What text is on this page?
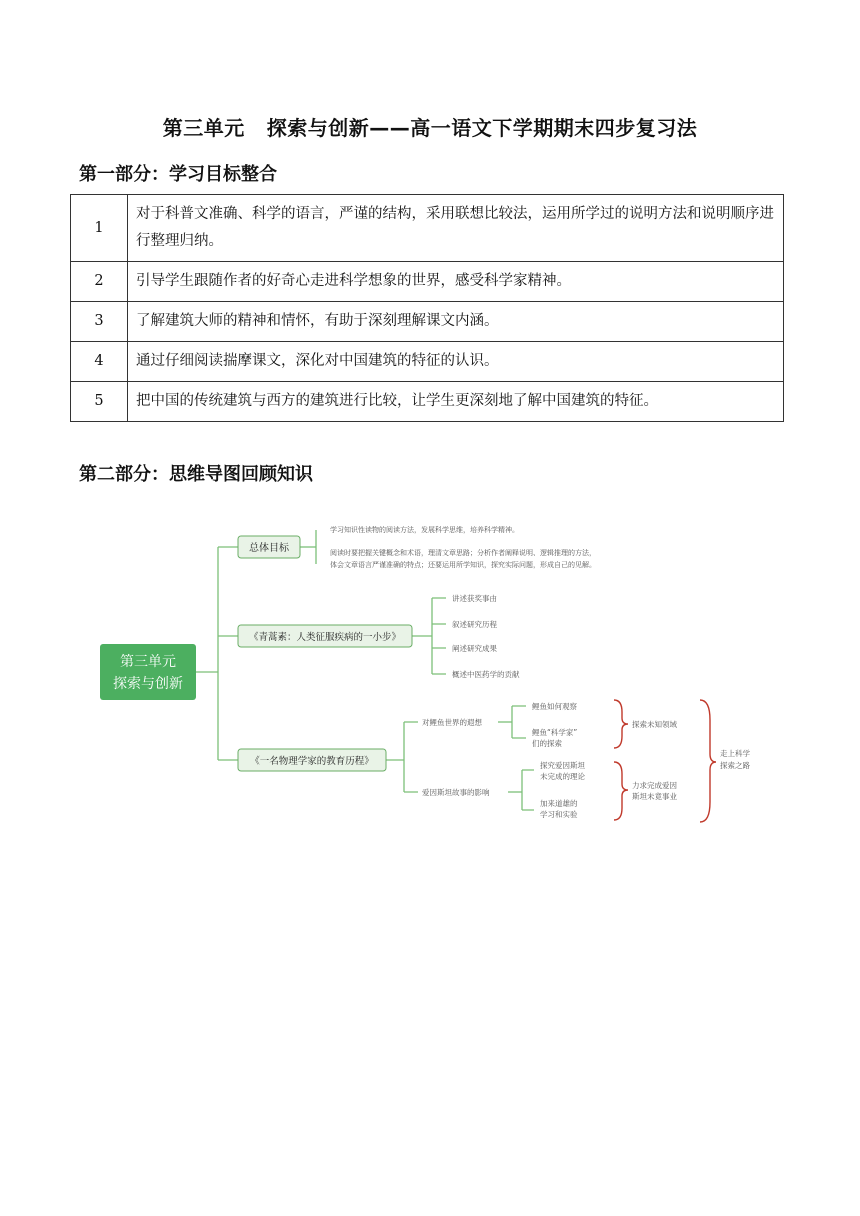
第三单元 探索与创新——高一语文下学期期末四步复习法
第一部分：学习目标整合
1	对于科普文准确、科学的语言，严谨的结构，采用联想比较法，运用所学过的说明方法和说明顺序进行整理归纳。
2	引导学生跟随作者的好奇心走进科学想象的世界，感受科学家精神。
3	了解建筑大师的精神和情怀，有助于深刻理解课文内涵。
4	通过仔细阅读揣摩课文，深化对中国建筑的特征的认识。
5	把中国的传统建筑与西方的建筑进行比较，让学生更深刻地了解中国建筑的特征。
第二部分：思维导图回顾知识
第三单元
探索与创新
总体目标
学习知识性读物的阅读方法，发展科学思维，培养科学精神。
阅读时要把握关键概念和术语，理清文章思路；分析作者阐释说明、逻辑推理的方法，
体会文章语言严谨准确的特点；还要运用所学知识，探究实际问题，形成自己的见解。
《青蒿素：人类征服疾病的一小步》
讲述获奖事由
叙述研究历程
阐述研究成果
概述中医药学的贡献
《一名物理学家的教育历程》
对鲤鱼世界的遐想
鲤鱼如何观察
鲤鱼“科学家”
们的探索
爱因斯坦故事的影响
探究爱因斯坦
未完成的理论
加来道雄的
学习和实验
探索未知领域
力求完成爱因
斯坦未竟事业
走上科学
探索之路
